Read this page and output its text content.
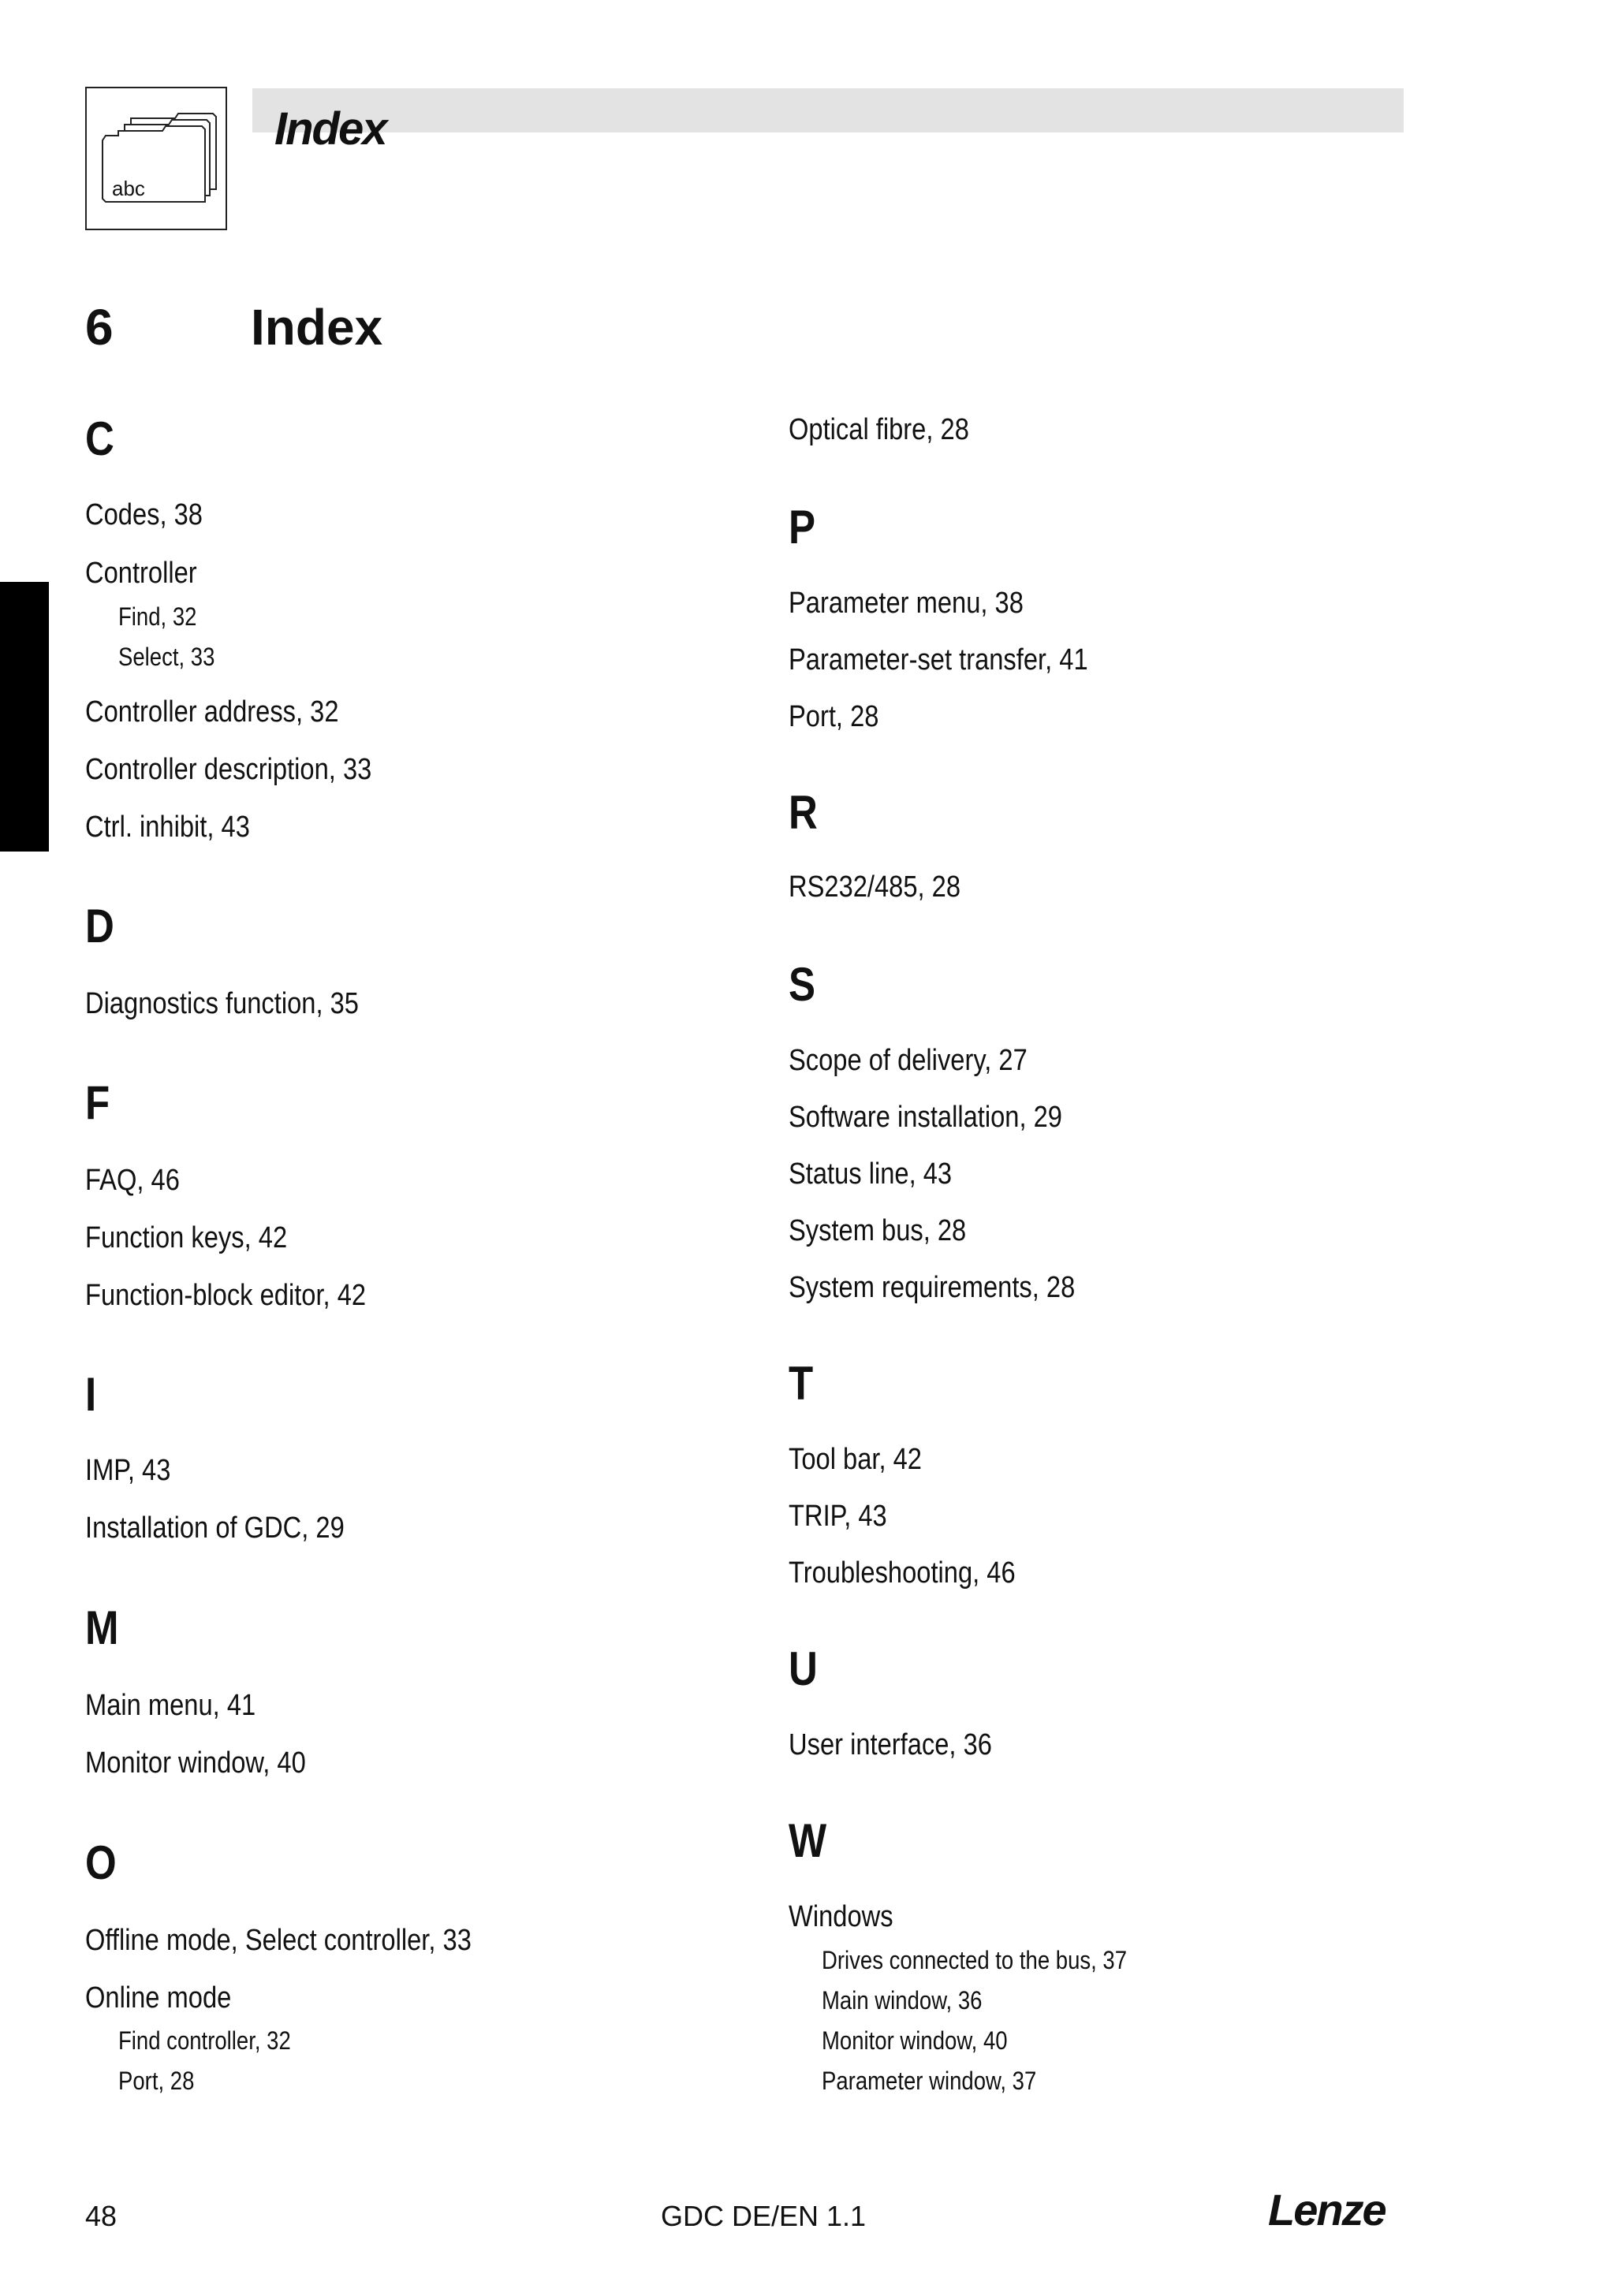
abc
Index
6	Index
C
Codes, 38
Controller
Find, 32
Select, 33
Controller address, 32
Controller description, 33
Ctrl. inhibit, 43
D
Diagnostics function, 35
F
FAQ, 46
Function keys, 42
Function-block editor, 42
I
IMP, 43
Installation of GDC, 29
M
Main menu, 41
Monitor window, 40
O
Offline mode, Select controller, 33
Online mode
Find controller, 32
Port, 28
Optical fibre, 28
P
Parameter menu, 38
Parameter-set transfer, 41
Port, 28
R
RS232/485, 28
S
Scope of delivery, 27
Software installation, 29
Status line, 43
System bus, 28
System requirements, 28
T
Tool bar, 42
TRIP, 43
Troubleshooting, 46
U
User interface, 36
W
Windows
Drives connected to the bus, 37
Main window, 36
Monitor window, 40
Parameter window, 37
48	GDC DE/EN 1.1	Lenze
